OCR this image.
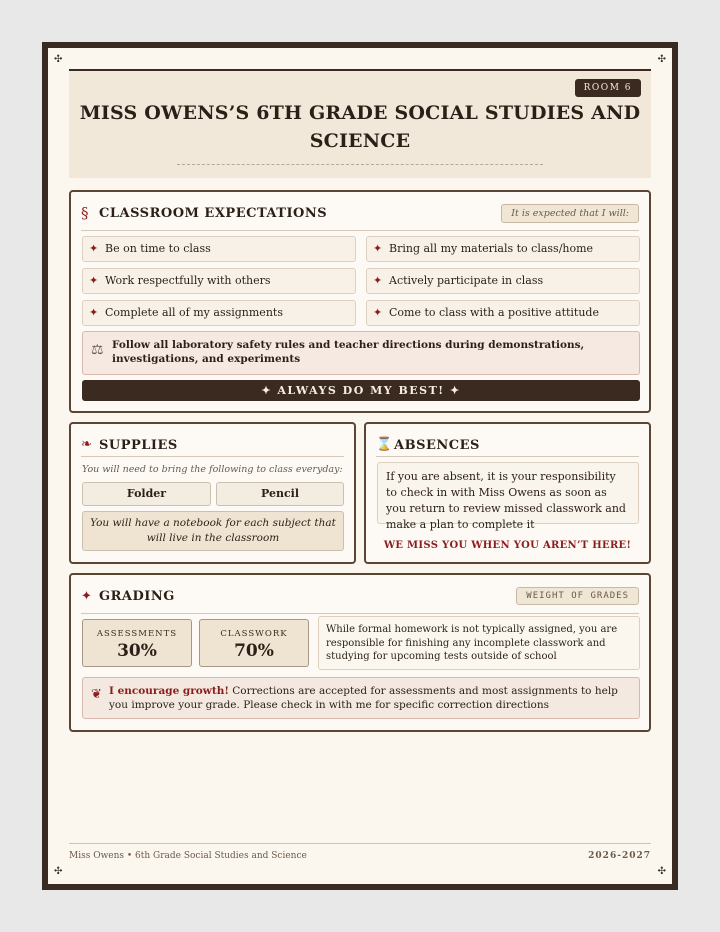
✣	✣
✣	✣
ROOM 6
MISS OWENS’S 6TH GRADE SOCIAL STUDIES AND
SCIENCE
§ CLASSROOM EXPECTATIONS	It is expected that I will:
✦ Be on time to class	✦ Bring all my materials to class/home
✦ Work respectfully with others	✦ Actively participate in class
✦ Complete all of my assignments	✦ Come to class with a positive attitude
⚖ Follow all laboratory safety rules and teacher directions during demonstrations, investigations, and experiments
✦ ALWAYS DO MY BEST! ✦
❧ SUPPLIES
You will need to bring the following to class everyday:
Folder	Pencil
You will have a notebook for each subject that will live in the classroom
⌛ ABSENCES
If you are absent, it is your responsibility to check in with Miss Owens as soon as you return to review missed classwork and make a plan to complete it
WE MISS YOU WHEN YOU AREN’T HERE!
✦ GRADING	WEIGHT OF GRADES
ASSESSMENTS
30%
CLASSWORK
70%
While formal homework is not typically assigned, you are responsible for finishing any incomplete classwork and studying for upcoming tests outside of school
❦ I encourage growth! Corrections are accepted for assessments and most assignments to help you improve your grade. Please check in with me for specific correction directions
Miss Owens • 6th Grade Social Studies and Science	2026-2027
